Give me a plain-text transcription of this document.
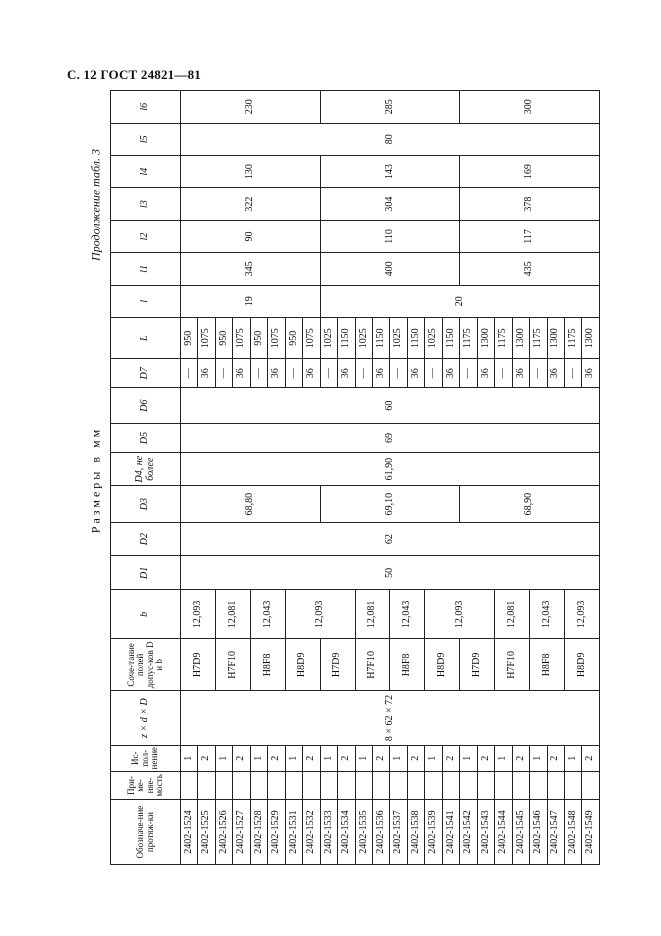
С. 12 ГОСТ 24821—81
Продолжение табл. 3
Размеры в мм
Обозначе-ние протяж-ки	При-ме-няе-мость	Ис-пол-нение	z × d × D	Соче-тание полей допус-ков D и b	b	D1	D2	D3	D4, не более	D5	D6	D7	L	l	l1	l2	l3	l4	l5	l6
2402-1524		1	8 × 62 × 72	H7D9	12,093	50	62	68,80	61,90	69	60	—	950	19	345	90	322	130	80	230
2402-1525		2										36	1075							
2402-1526		1		H7F10	12,081							—	950							
2402-1527		2										36	1075							
2402-1528		1		H8F8	12,043							—	950							
2402-1529		2										36	1075							
2402-1531		1		H8D9	12,093							—	950							
2402-1532		2										36	1075							
2402-1533		1		H7D9				69,10				—	1025	20	400	110	304	143		285
2402-1534		2										36	1150							
2402-1535		1		H7F10	12,081							—	1025							
2402-1536		2										36	1150							
2402-1537		1		H8F8	12,043							—	1025							
2402-1538		2										36	1150							
2402-1539		1		H8D9	12,093							—	1025							
2402-1541		2										36	1150							
2402-1542		1		H7D9				68,90				—	1175		435	117	378	169		300
2402-1543		2										36	1300							
2402-1544		1		H7F10	12,081							—	1175							
2402-1545		2										36	1300							
2402-1546		1		H8F8	12,043							—	1175							
2402-1547		2										36	1300							
2402-1548		1		H8D9	12,093							—	1175							
2402-1549		2										36	1300							
